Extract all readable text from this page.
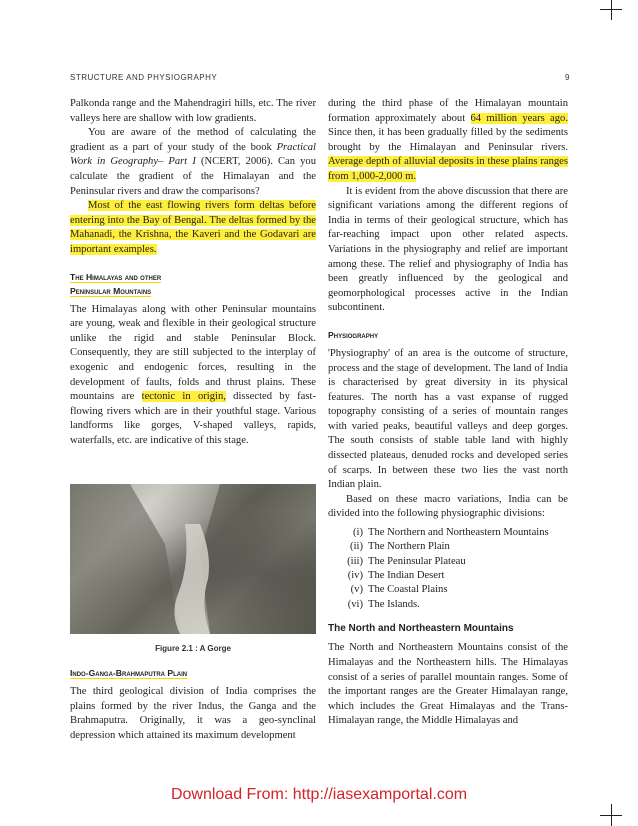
STRUCTURE AND PHYSIOGRAPHY	9

Palkonda range and the Mahendragiri hills, etc. The river valleys here are shallow with low gradients.

You are aware of the method of calculating the gradient as a part of your study of the book Practical Work in Geography– Part I (NCERT, 2006). Can you calculate the gradient of the Himalayan and the Peninsular rivers and draw the comparisons?

Most of the east flowing rivers form deltas before entering into the Bay of Bengal. The deltas formed by the Mahanadi, the Krishna, the Kaveri and the Godavari are important examples.

The Himalayas and other
Peninsular Mountains

The Himalayas along with other Peninsular mountains are young, weak and flexible in their geological structure unlike the rigid and stable Peninsular Block. Consequently, they are still subjected to the interplay of exogenic and endogenic forces, resulting in the development of faults, folds and thrust plains. These mountains are tectonic in origin, dissected by fast-flowing rivers which are in their youthful stage. Various landforms like gorges, V-shaped valleys, rapids, waterfalls, etc. are indicative of this stage.

Figure 2.1 : A Gorge
Indo-Ganga-Brahmaputra Plain

The third geological division of India comprises the plains formed by the river Indus, the Ganga and the Brahmaputra. Originally, it was a geo-synclinal depression which attained its maximum development

during the third phase of the Himalayan mountain formation approximately about 64 million years ago. Since then, it has been gradually filled by the sediments brought by the Himalayan and Peninsular rivers. Average depth of alluvial deposits in these plains ranges from 1,000-2,000 m.

It is evident from the above discussion that there are significant variations among the different regions of India in terms of their geological structure, which has far-reaching impact upon other related aspects. Variations in the physiography and relief are important among these. The relief and physiography of India has been greatly influenced by the geological and geomorphological processes active in the Indian subcontinent.

Physiography

'Physiography' of an area is the outcome of structure, process and the stage of development. The land of India is characterised by great diversity in its physical features. The north has a vast expanse of rugged topography consisting of a series of mountain ranges with varied peaks, beautiful valleys and deep gorges. The south consists of stable table land with highly dissected plateaus, denuded rocks and developed series of scarps. In between these two lies the vast north Indian plain.

Based on these macro variations, India can be divided into the following physiographic divisions:

(i) The Northern and Northeastern Mountains
(ii) The Northern Plain
(iii) The Peninsular Plateau
(iv) The Indian Desert
(v) The Coastal Plains
(vi) The Islands.
The North and Northeastern Mountains

The North and Northeastern Mountains consist of the Himalayas and the Northeastern hills. The Himalayas consist of a series of parallel mountain ranges. Some of the important ranges are the Greater Himalayan range, which includes the Great Himalayas and the Trans-Himalayan range, the Middle Himalayas and

Download From: http://iasexamportal.com
